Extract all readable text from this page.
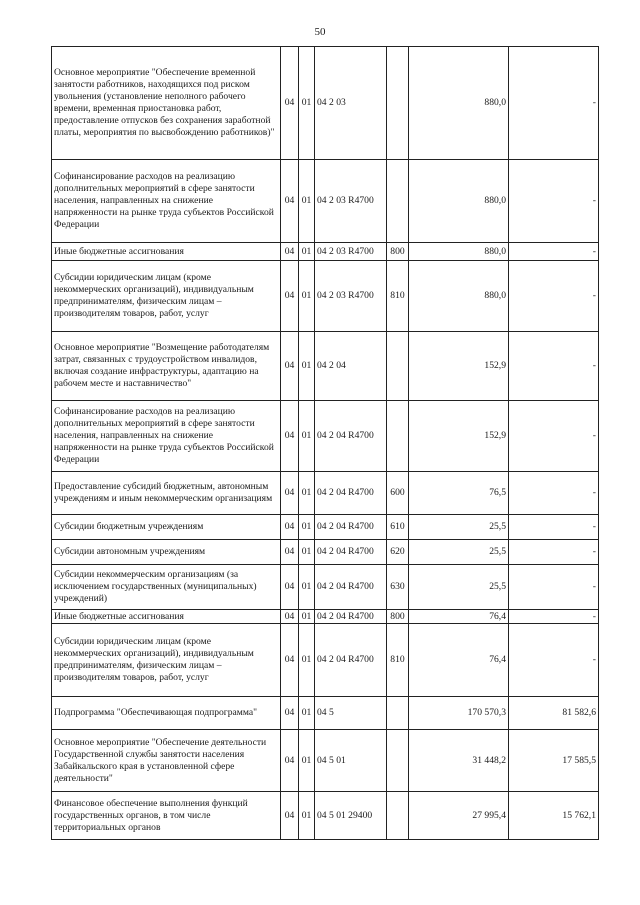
50
Основное мероприятие "Обеспечение временной занятости работников, находящихся под риском увольнения (установление неполного рабочего времени, временная приостановка работ, предоставление отпусков без сохранения заработной платы, мероприятия по высвобождению работников)"	04	01	04 2 03		880,0	-
Софинансирование расходов на реализацию дополнительных мероприятий в сфере занятости населения, направленных на снижение напряженности на рынке труда субъектов Российской Федерации	04	01	04 2 03 R4700		880,0	-
Иные бюджетные ассигнования	04	01	04 2 03 R4700	800	880,0	-
Субсидии юридическим лицам (кроме некоммерческих организаций), индивидуальным предпринимателям, физическим лицам – производителям товаров, работ, услуг	04	01	04 2 03 R4700	810	880,0	-
Основное мероприятие "Возмещение работодателям затрат, связанных с трудоустройством инвалидов, включая создание инфраструктуры, адаптацию на рабочем месте и наставничество"	04	01	04 2 04		152,9	-
Софинансирование расходов на реализацию дополнительных мероприятий в сфере занятости населения, направленных на снижение напряженности на рынке труда субъектов Российской Федерации	04	01	04 2 04 R4700		152,9	-
Предоставление субсидий бюджетным, автономным учреждениям и иным некоммерческим организациям	04	01	04 2 04 R4700	600	76,5	-
Субсидии бюджетным учреждениям	04	01	04 2 04 R4700	610	25,5	-
Субсидии автономным учреждениям	04	01	04 2 04 R4700	620	25,5	-
Субсидии некоммерческим организациям (за исключением государственных (муниципальных) учреждений)	04	01	04 2 04 R4700	630	25,5	-
Иные бюджетные ассигнования	04	01	04 2 04 R4700	800	76,4	-
Субсидии юридическим лицам (кроме некоммерческих организаций), индивидуальным предпринимателям, физическим лицам – производителям товаров, работ, услуг	04	01	04 2 04 R4700	810	76,4	-
Подпрограмма "Обеспечивающая подпрограмма"	04	01	04 5		170 570,3	81 582,6
Основное мероприятие "Обеспечение деятельности Государственной службы занятости населения Забайкальского края в установленной сфере деятельности"	04	01	04 5 01		31 448,2	17 585,5
Финансовое обеспечение выполнения функций государственных органов, в том числе территориальных органов	04	01	04 5 01 29400		27 995,4	15 762,1
